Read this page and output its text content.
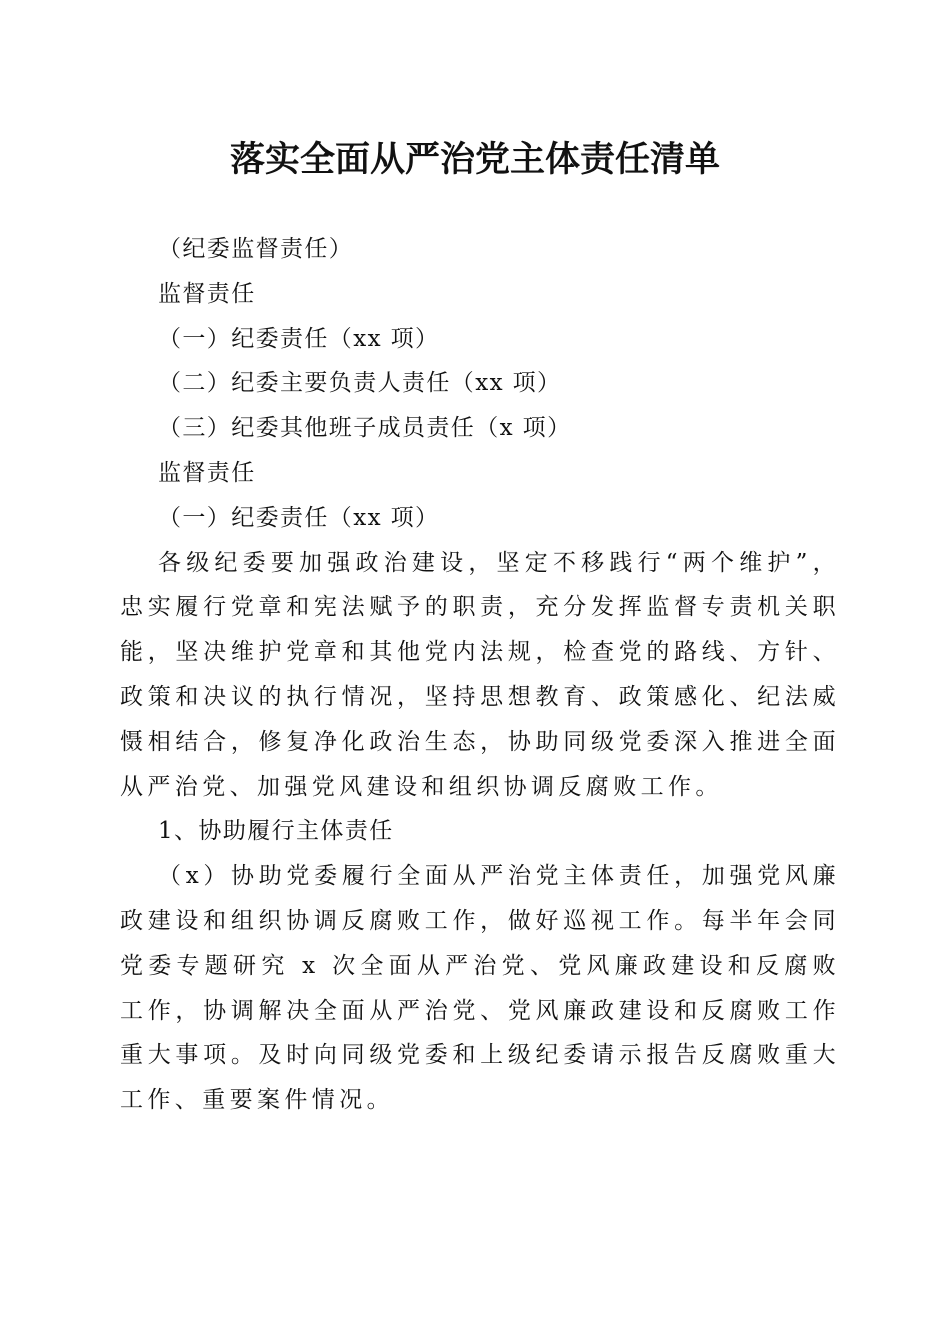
落实全面从严治党主体责任清单
（纪委监督责任）
监督责任
（一）纪委责任（xx 项）
（二）纪委主要负责人责任（xx 项）
（三）纪委其他班子成员责任（x 项）
监督责任
（一）纪委责任（xx 项）

各级纪委要加强政治建设，坚定不移践行“两个维护”，忠实履行党章和宪法赋予的职责，充分发挥监督专责机关职能，坚决维护党章和其他党内法规，检查党的路线、方针、政策和决议的执行情况，坚持思想教育、政策感化、纪法威慑相结合，修复净化政治生态，协助同级党委深入推进全面从严治党、加强党风建设和组织协调反腐败工作。

1、协助履行主体责任

（x）协助党委履行全面从严治党主体责任，加强党风廉政建设和组织协调反腐败工作，做好巡视工作。每半年会同党委专题研究 x 次全面从严治党、党风廉政建设和反腐败工作，协调解决全面从严治党、党风廉政建设和反腐败工作重大事项。及时向同级党委和上级纪委请示报告反腐败重大工作、重要案件情况。
